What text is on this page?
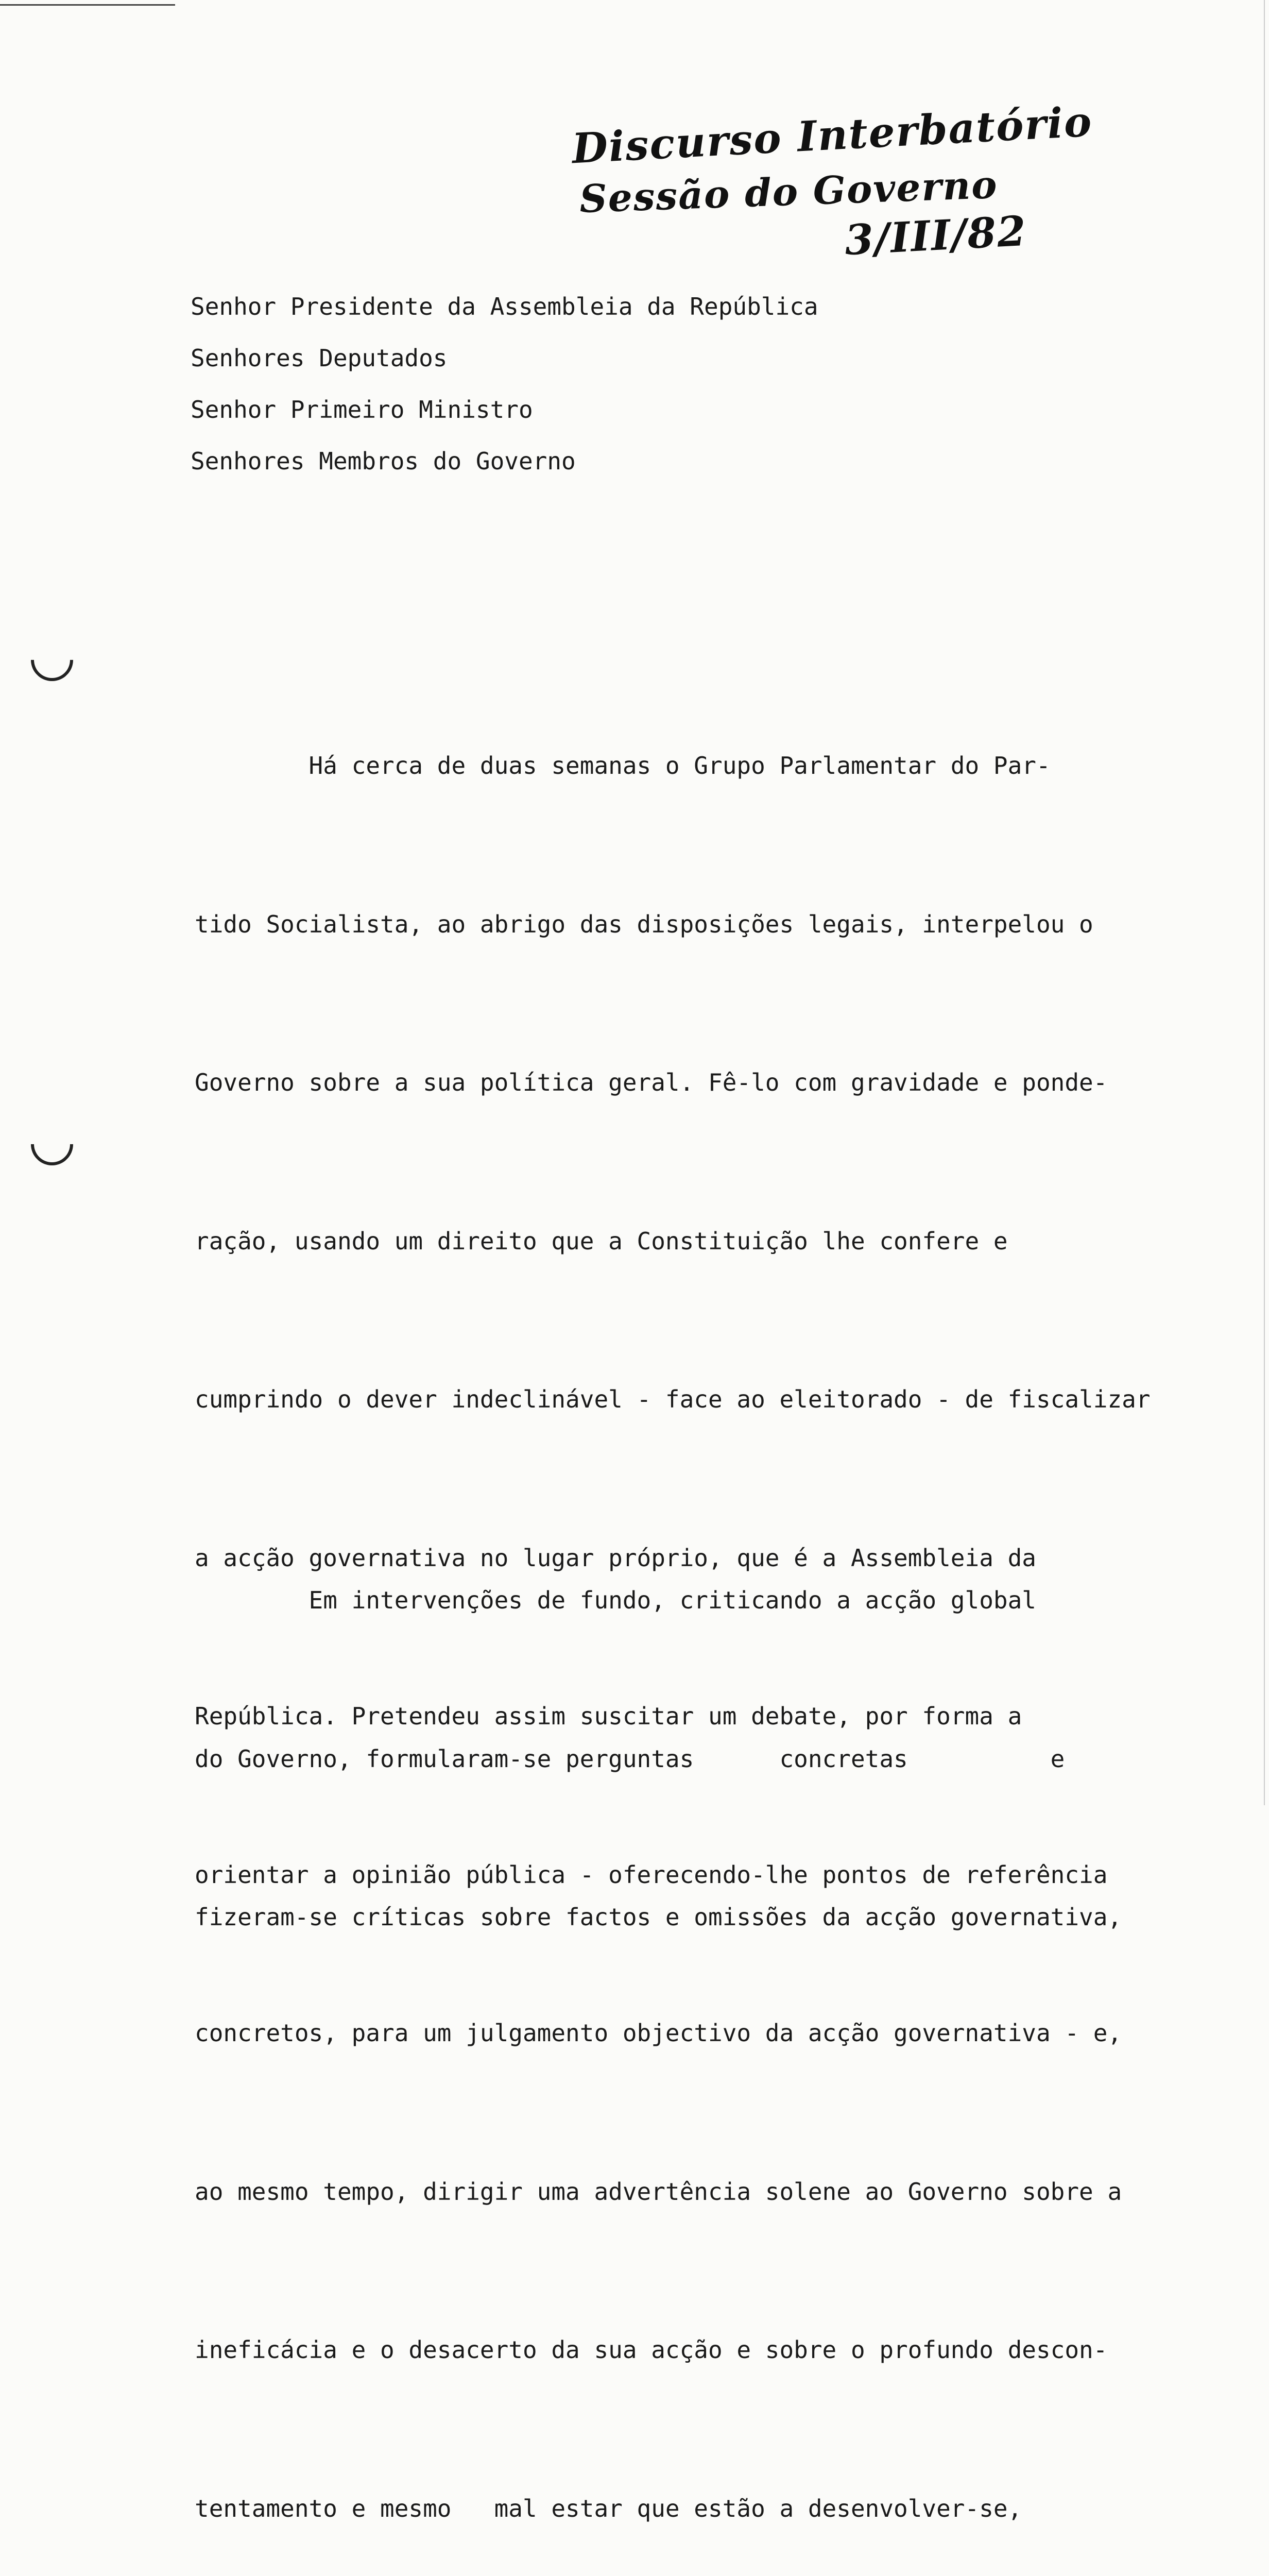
Discurso Interbatório
Sessão do Governo
3/III/82
Senhor Presidente da Assembleia da República
Senhores Deputados
Senhor Primeiro Ministro
Senhores Membros do Governo

Há cerca de duas semanas o Grupo Parlamentar do Par-

tido Socialista, ao abrigo das disposições legais, interpelou o

Governo sobre a sua política geral. Fê-lo com gravidade e ponde-

ração, usando um direito que a Constituição lhe confere e

cumprindo o dever indeclinável - face ao eleitorado - de fiscalizar

a acção governativa no lugar próprio, que é a Assembleia da

República. Pretendeu assim suscitar um debate, por forma a

orientar a opinião pública - oferecendo-lhe pontos de referência

concretos, para um julgamento objectivo da acção governativa - e,

ao mesmo tempo, dirigir uma advertência solene ao Governo sobre a

ineficácia e o desacerto da sua acção e sobre o profundo descon-

tentamento e mesmo   mal estar que estão a desenvolver-se,

Em intervenções de fundo, criticando a acção global

do Governo, formularam-se perguntas      concretas          e

fizeram-se críticas sobre factos e omissões da acção governativa,
